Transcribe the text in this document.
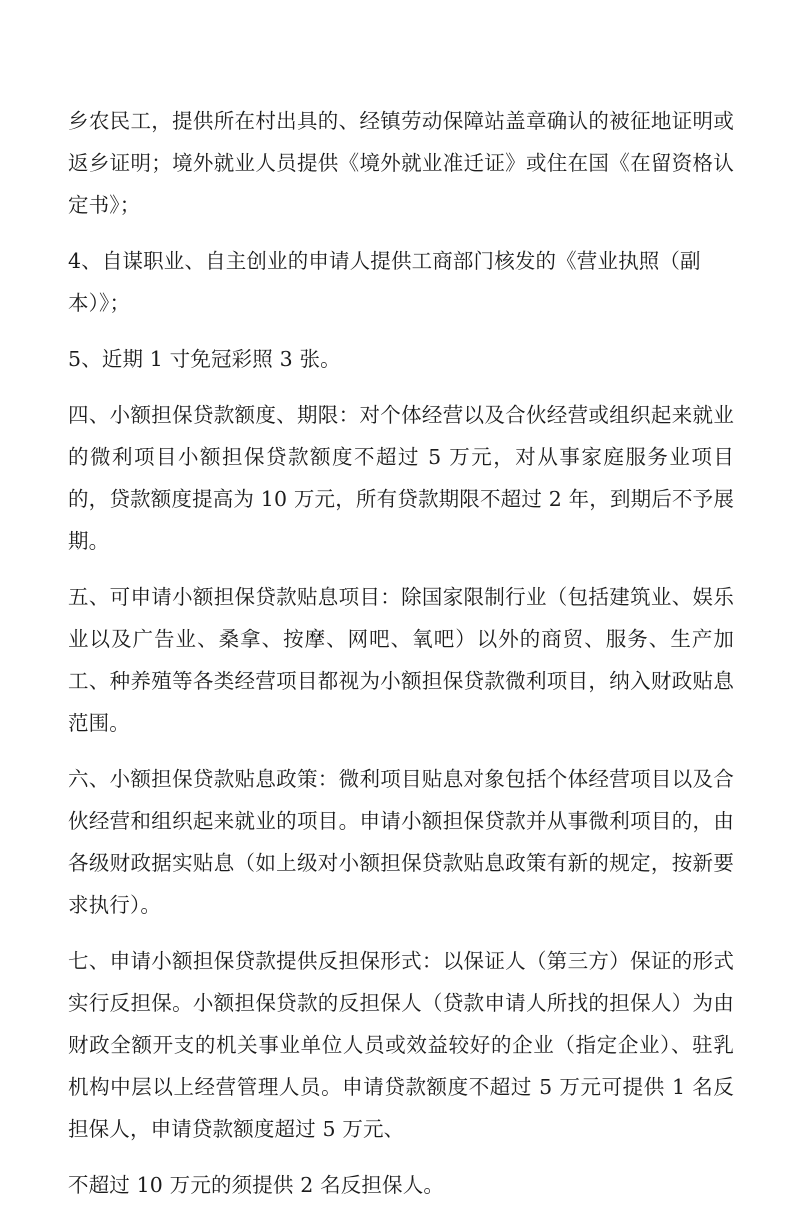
乡农民工，提供所在村出具的、经镇劳动保障站盖章确认的被征地证明或返乡证明；境外就业人员提供《境外就业准迁证》或住在国《在留资格认定书》；

4、自谋职业、自主创业的申请人提供工商部门核发的《营业执照（副本）》；

5、近期 1 寸免冠彩照 3 张。

四、小额担保贷款额度、期限：对个体经营以及合伙经营或组织起来就业的微利项目小额担保贷款额度不超过 5 万元，对从事家庭服务业项目的，贷款额度提高为 10 万元，所有贷款期限不超过 2 年，到期后不予展期。

五、可申请小额担保贷款贴息项目：除国家限制行业（包括建筑业、娱乐业以及广告业、桑拿、按摩、网吧、氧吧）以外的商贸、服务、生产加工、种养殖等各类经营项目都视为小额担保贷款微利项目，纳入财政贴息范围。

六、小额担保贷款贴息政策：微利项目贴息对象包括个体经营项目以及合伙经营和组织起来就业的项目。申请小额担保贷款并从事微利项目的，由各级财政据实贴息（如上级对小额担保贷款贴息政策有新的规定，按新要求执行）。

七、申请小额担保贷款提供反担保形式：以保证人（第三方）保证的形式实行反担保。小额担保贷款的反担保人（贷款申请人所找的担保人）为由财政全额开支的机关事业单位人员或效益较好的企业（指定企业）、驻乳机构中层以上经营管理人员。申请贷款额度不超过 5 万元可提供 1 名反担保人，申请贷款额度超过 5 万元、

不超过 10 万元的须提供 2 名反担保人。
